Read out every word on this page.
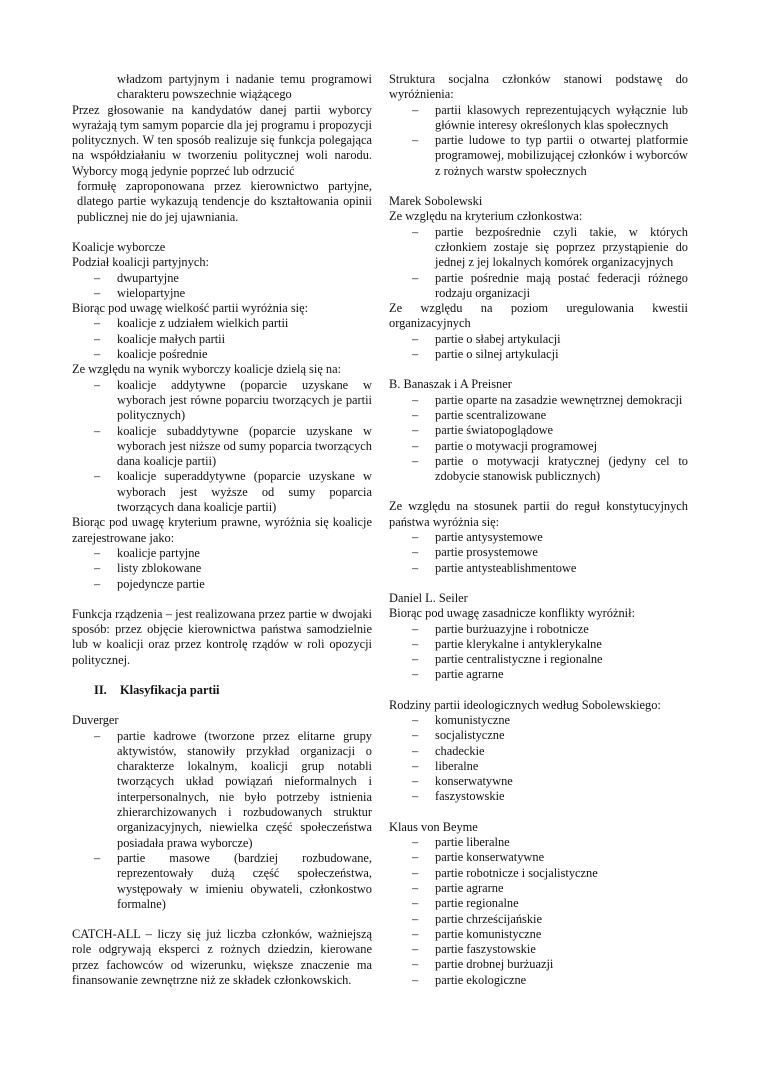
władzom partyjnym i nadanie temu programowi charakteru powszechnie wiążącego

Przez głosowanie na kandydatów danej partii wyborcy wyrażają tym samym poparcie dla jej programu i propozycji politycznych. W ten sposób realizuje się funkcja polegająca na współdziałaniu w tworzeniu politycznej woli narodu. Wyborcy mogą jedynie poprzeć lub odrzucić

formułę zaproponowana przez kierownictwo partyjne, dlatego partie wykazują tendencje do kształtowania opinii publicznej nie do jej ujawniania.

Koalicje wyborcze

Podział koalicji partyjnych:

– dwupartyjne
– wielopartyjne

Biorąc pod uwagę wielkość partii wyróżnia się:

– koalicje z udziałem wielkich partii
– koalicje małych partii
– koalicje pośrednie

Ze względu na wynik wyborczy koalicje dzielą się na:

– koalicje addytywne (poparcie uzyskane w wyborach jest równe poparciu tworzących je partii politycznych)
– koalicje subaddytywne (poparcie uzyskane w wyborach jest niższe od sumy poparcia tworzących dana koalicje partii)
– koalicje superaddytywne (poparcie uzyskane w wyborach jest wyższe od sumy poparcia tworzących dana koalicje partii)

Biorąc pod uwagę kryterium prawne, wyróżnia się koalicje zarejestrowane jako:

– koalicje partyjne
– listy zblokowane
– pojedyncze partie

Funkcja rządzenia – jest realizowana przez partie w dwojaki sposób: przez objęcie kierownictwa państwa samodzielnie lub w koalicji oraz przez kontrolę rządów w roli opozycji politycznej.

II. Klasyfikacja partii

Duverger

– partie kadrowe (tworzone przez elitarne grupy aktywistów, stanowiły przykład organizacji o charakterze lokalnym, koalicji grup notabli tworzących układ powiązań nieformalnych i interpersonalnych, nie było potrzeby istnienia zhierarchizowanych i rozbudowanych struktur organizacyjnych, niewielka część społeczeństwa posiadała prawa wyborcze)
– partie masowe (bardziej rozbudowane, reprezentowały dużą część społeczeństwa, występowały w imieniu obywateli, członkostwo formalne)

CATCH-ALL – liczy się już liczba członków, ważniejszą role odgrywają eksperci z rożnych dziedzin, kierowane przez fachowców od wizerunku, większe znaczenie ma finansowanie zewnętrzne niż ze składek członkowskich.

Struktura socjalna członków stanowi podstawę do wyróżnienia:

– partii klasowych reprezentujących wyłącznie lub głównie interesy określonych klas społecznych
– partie ludowe to typ partii o otwartej platformie programowej, mobilizującej członków i wyborców z rożnych warstw społecznych

Marek Sobolewski

Ze względu na kryterium członkostwa:

– partie bezpośrednie czyli takie, w których członkiem zostaje się poprzez przystąpienie do jednej z jej lokalnych komórek organizacyjnych
– partie pośrednie mają postać federacji różnego rodzaju organizacji

Ze względu na poziom uregulowania kwestii organizacyjnych

– partie o słabej artykulacji
– partie o silnej artykulacji

B. Banaszak i A Preisner

– partie oparte na zasadzie wewnętrznej demokracji
– partie scentralizowane
– partie światopoglądowe
– partie o motywacji programowej
– partie o motywacji kratycznej (jedyny cel to zdobycie stanowisk publicznych)

Ze względu na stosunek partii do reguł konstytucyjnych państwa wyróżnia się:

– partie antysystemowe
– partie prosystemowe
– partie antysteablishmentowe

Daniel L. Seiler

Biorąc pod uwagę zasadnicze konflikty wyróżnił:

– partie burżuazyjne i robotnicze
– partie klerykalne i antyklerykalne
– partie centralistyczne i regionalne
– partie agrarne

Rodziny partii ideologicznych według Sobolewskiego:

– komunistyczne
– socjalistyczne
– chadeckie
– liberalne
– konserwatywne
– faszystowskie

Klaus von Beyme

– partie liberalne
– partie konserwatywne
– partie robotnicze i socjalistyczne
– partie agrarne
– partie regionalne
– partie chrześcijańskie
– partie komunistyczne
– partie faszystowskie
– partie drobnej burżuazji
– partie ekologiczne
